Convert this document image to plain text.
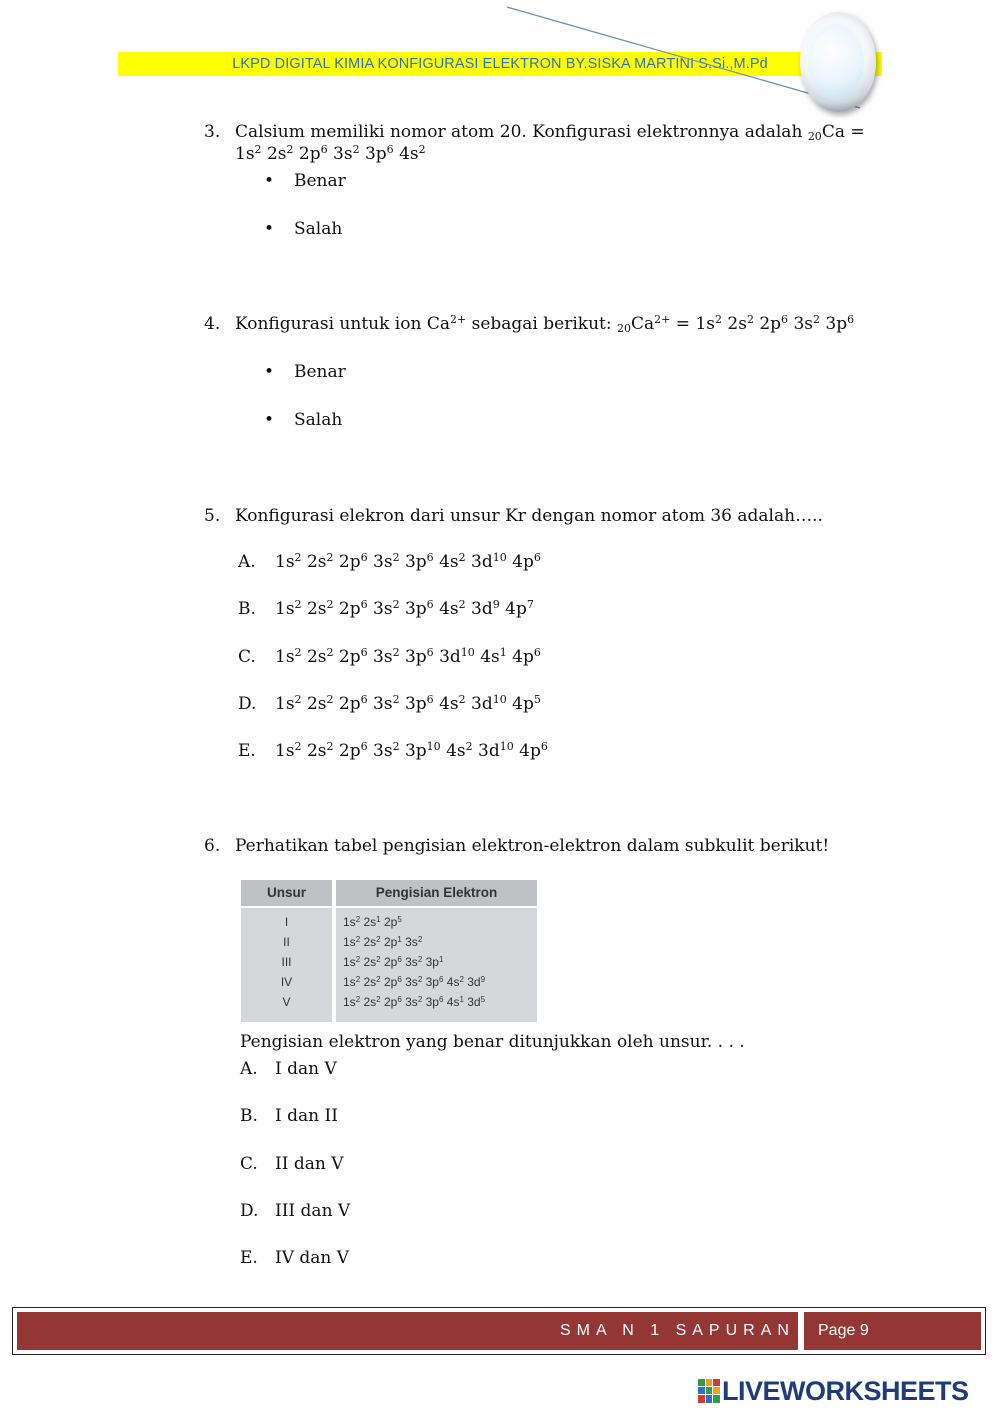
LKPD DIGITAL KIMIA KONFIGURASI ELEKTRON BY.SISKA MARTINI S.Si.,M.Pd
3. Calsium memiliki nomor atom 20. Konfigurasi elektronnya adalah $_{20}$Ca =
$1s^2$ $2s^2$ $2p^6$ $3s^2$ $3p^6$ $4s^2$
• Benar
• Salah
4. Konfigurasi untuk ion $Ca^{2+}$ sebagai berikut: $_{20}Ca^{2+} = 1s^2$ $2s^2$ $2p^6$ $3s^2$ $3p^6$
• Benar
• Salah
5. Konfigurasi elekron dari unsur Kr dengan nomor atom 36 adalah…..
A. $1s^2$ $2s^2$ $2p^6$ $3s^2$ $3p^6$ $4s^2$ $3d^{10}$ $4p^6$
B. $1s^2$ $2s^2$ $2p^6$ $3s^2$ $3p^6$ $4s^2$ $3d^9$ $4p^7$
C. $1s^2$ $2s^2$ $2p^6$ $3s^2$ $3p^6$ $3d^{10}$ $4s^1$ $4p^6$
D. $1s^2$ $2s^2$ $2p^6$ $3s^2$ $3p^6$ $4s^2$ $3d^{10}$ $4p^5$
E. $1s^2$ $2s^2$ $2p^6$ $3s^2$ $3p^{10}$ $4s^2$ $3d^{10}$ $4p^6$
6. Perhatikan tabel pengisian elektron-elektron dalam subkulit berikut!
Unsur	Pengisian Elektron
I	$1s^2$ $2s^1$ $2p^5$
II	$1s^2$ $2s^2$ $2p^1$ $3s^2$
III	$1s^2$ $2s^2$ $2p^6$ $3s^2$ $3p^1$
IV	$1s^2$ $2s^2$ $2p^6$ $3s^2$ $3p^6$ $4s^2$ $3d^9$
V	$1s^2$ $2s^2$ $2p^6$ $3s^2$ $3p^6$ $4s^1$ $3d^5$
Pengisian elektron yang benar ditunjukkan oleh unsur. . . .
A. I dan V
B. I dan II
C. II dan V
D. III dan V
E. IV dan V
SMA N 1 SAPURAN Page 9
LIVEWORKSHEETS
